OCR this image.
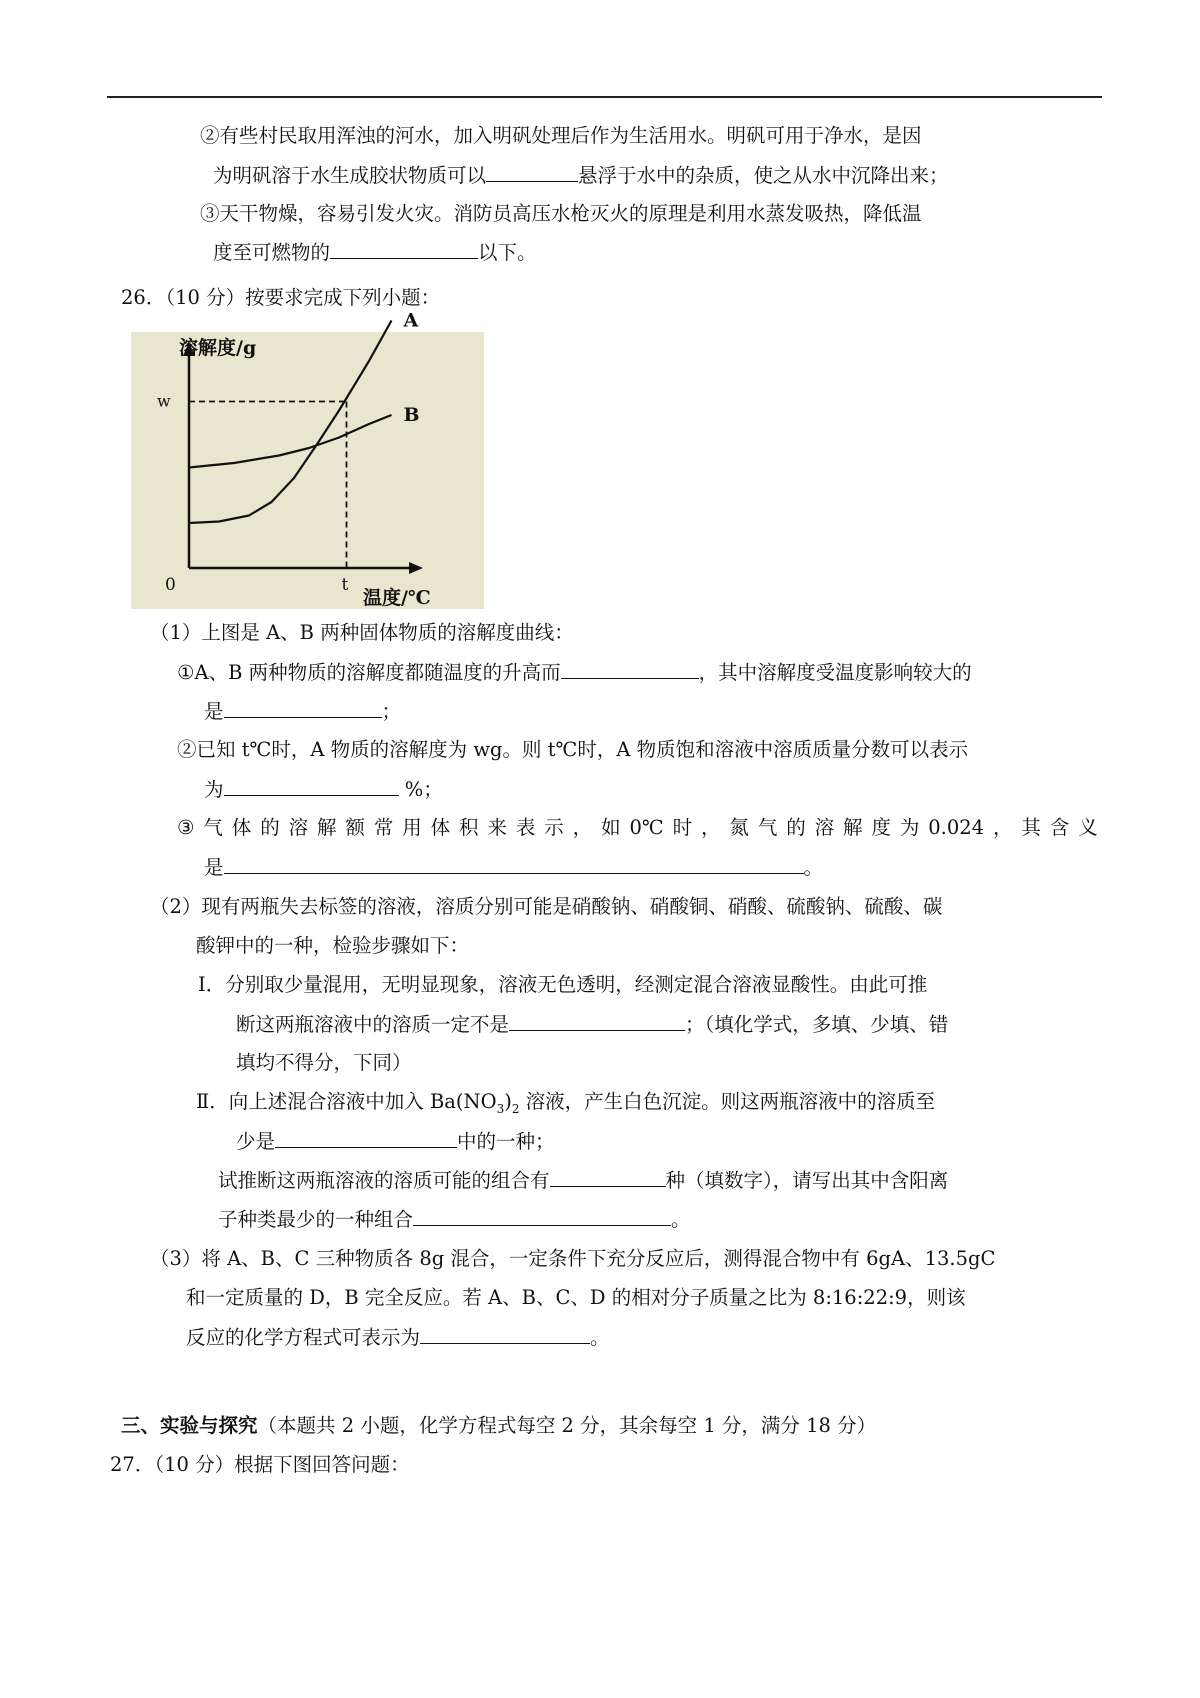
②有些村民取用浑浊的河水，加入明矾处理后作为生活用水。明矾可用于净水，是因
为明矾溶于水生成胶状物质可以	悬浮于水中的杂质，使之从水中沉降出来；
③天干物燥，容易引发火灾。消防员高压水枪灭火的原理是利用水蒸发吸热，降低温
度至可燃物的	以下。
26．（10 分）按要求完成下列小题：
A
B
溶解度/g
温度/℃
0	t
w
（1）上图是 A、B 两种固体物质的溶解度曲线：
①A、B 两种物质的溶解度都随温度的升高而	，其中溶解度受温度影响较大的
是	；
②已知 t℃时，A 物质的溶解度为 wg。则 t℃时，A 物质饱和溶液中溶质质量分数可以表示
为	%；
③ 气 体 的 溶 解 额 常 用 体 积 来 表 示 ， 如 0℃ 时 ， 氮 气 的 溶 解 度 为 0.024 ， 其 含 义
是	。
（2）现有两瓶失去标签的溶液，溶质分别可能是硝酸钠、硝酸铜、硝酸、硫酸钠、硫酸、碳
酸钾中的一种，检验步骤如下：
Ⅰ．分别取少量混用，无明显现象，溶液无色透明，经测定混合溶液显酸性。由此可推
断这两瓶溶液中的溶质一定不是	；（填化学式，多填、少填、错
填均不得分，下同）
Ⅱ．向上述混合溶液中加入 $Ba(NO_3)_2$ 溶液，产生白色沉淀。则这两瓶溶液中的溶质至
少是	中的一种；
试推断这两瓶溶液的溶质可能的组合有	种（填数字），请写出其中含阳离
子种类最少的一种组合	。
（3）将 A、B、C 三种物质各 8g 混合，一定条件下充分反应后，测得混合物中有 6gA、13.5gC
和一定质量的 D，B 完全反应。若 A、B、C、D 的相对分子质量之比为 8:16:22:9，则该
反应的化学方程式可表示为	。
三、实验与探究（本题共 2 小题，化学方程式每空 2 分，其余每空 1 分，满分 18 分）
27．（10 分）根据下图回答问题：
